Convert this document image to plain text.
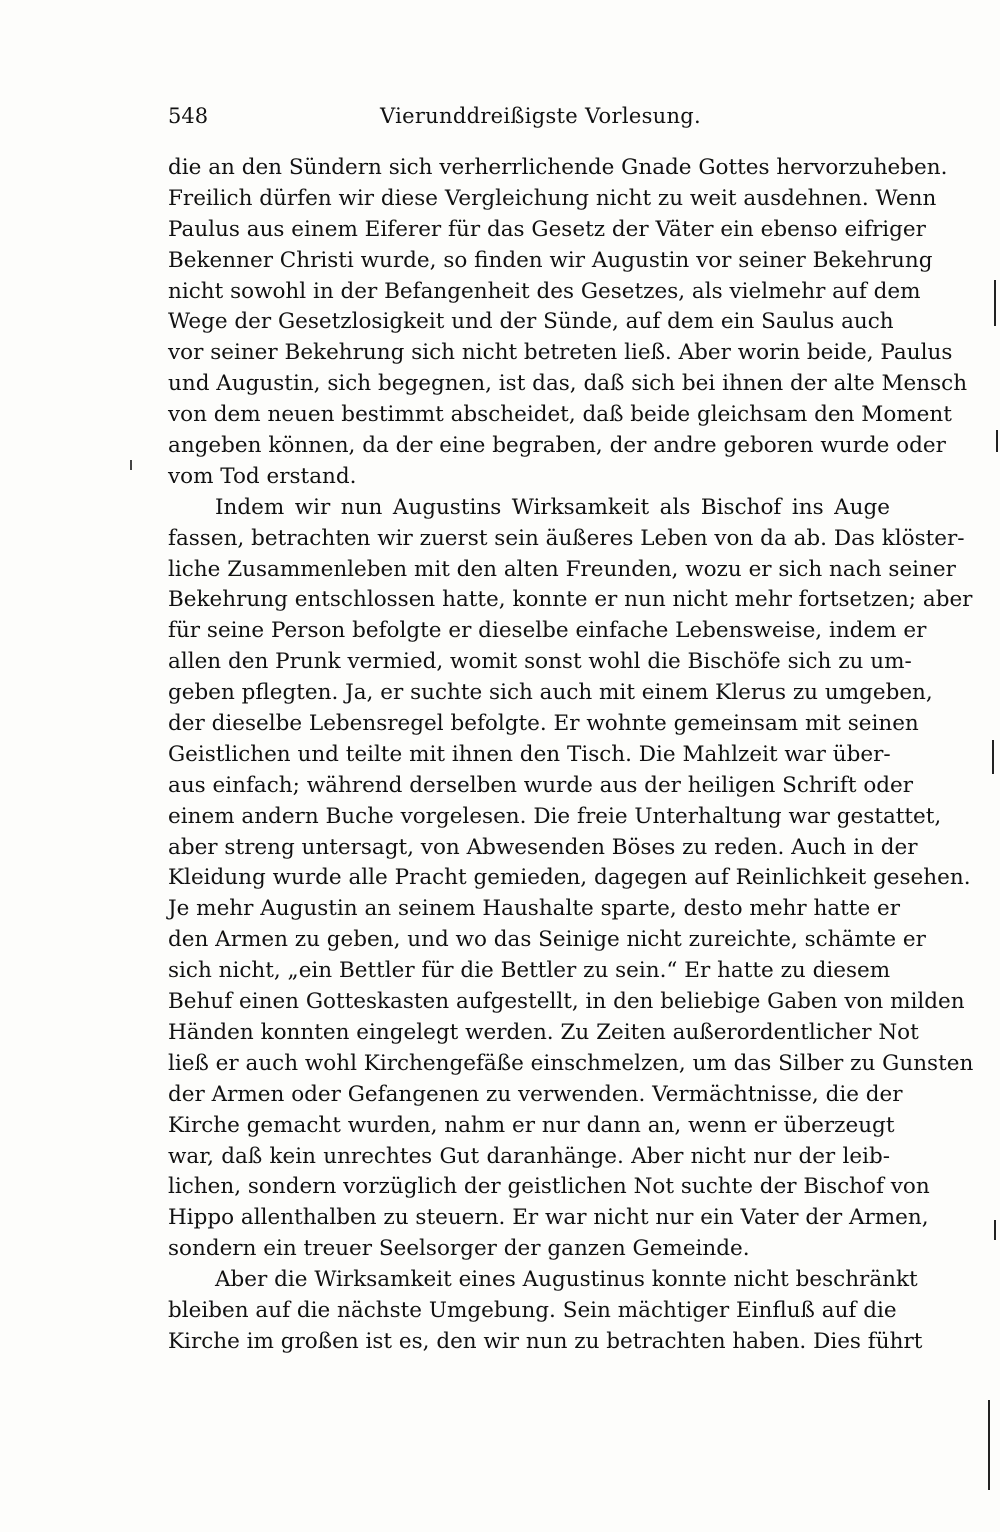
548	Vierunddreißigste Vorlesung.
die an den Sündern sich verherrlichende Gnade Gottes hervorzuheben.
Freilich dürfen wir diese Vergleichung nicht zu weit ausdehnen. Wenn
Paulus aus einem Eiferer für das Gesetz der Väter ein ebenso eifriger
Bekenner Christi wurde, so finden wir Augustin vor seiner Bekehrung
nicht sowohl in der Befangenheit des Gesetzes, als vielmehr auf dem
Wege der Gesetzlosigkeit und der Sünde, auf dem ein Saulus auch
vor seiner Bekehrung sich nicht betreten ließ. Aber worin beide, Paulus
und Augustin, sich begegnen, ist das, daß sich bei ihnen der alte Mensch
von dem neuen bestimmt abscheidet, daß beide gleichsam den Moment
angeben können, da der eine begraben, der andre geboren wurde oder
vom Tod erstand.
Indem wir nun Augustins Wirksamkeit als Bischof ins Auge
fassen, betrachten wir zuerst sein äußeres Leben von da ab. Das klöster-
liche Zusammenleben mit den alten Freunden, wozu er sich nach seiner
Bekehrung entschlossen hatte, konnte er nun nicht mehr fortsetzen; aber
für seine Person befolgte er dieselbe einfache Lebensweise, indem er
allen den Prunk vermied, womit sonst wohl die Bischöfe sich zu um-
geben pflegten. Ja, er suchte sich auch mit einem Klerus zu umgeben,
der dieselbe Lebensregel befolgte. Er wohnte gemeinsam mit seinen
Geistlichen und teilte mit ihnen den Tisch. Die Mahlzeit war über-
aus einfach; während derselben wurde aus der heiligen Schrift oder
einem andern Buche vorgelesen. Die freie Unterhaltung war gestattet,
aber streng untersagt, von Abwesenden Böses zu reden. Auch in der
Kleidung wurde alle Pracht gemieden, dagegen auf Reinlichkeit gesehen.
Je mehr Augustin an seinem Haushalte sparte, desto mehr hatte er
den Armen zu geben, und wo das Seinige nicht zureichte, schämte er
sich nicht, „ein Bettler für die Bettler zu sein.“ Er hatte zu diesem
Behuf einen Gotteskasten aufgestellt, in den beliebige Gaben von milden
Händen konnten eingelegt werden. Zu Zeiten außerordentlicher Not
ließ er auch wohl Kirchengefäße einschmelzen, um das Silber zu Gunsten
der Armen oder Gefangenen zu verwenden. Vermächtnisse, die der
Kirche gemacht wurden, nahm er nur dann an, wenn er überzeugt
war, daß kein unrechtes Gut daranhänge. Aber nicht nur der leib-
lichen, sondern vorzüglich der geistlichen Not suchte der Bischof von
Hippo allenthalben zu steuern. Er war nicht nur ein Vater der Armen,
sondern ein treuer Seelsorger der ganzen Gemeinde.
Aber die Wirksamkeit eines Augustinus konnte nicht beschränkt
bleiben auf die nächste Umgebung. Sein mächtiger Einfluß auf die
Kirche im großen ist es, den wir nun zu betrachten haben. Dies führt
